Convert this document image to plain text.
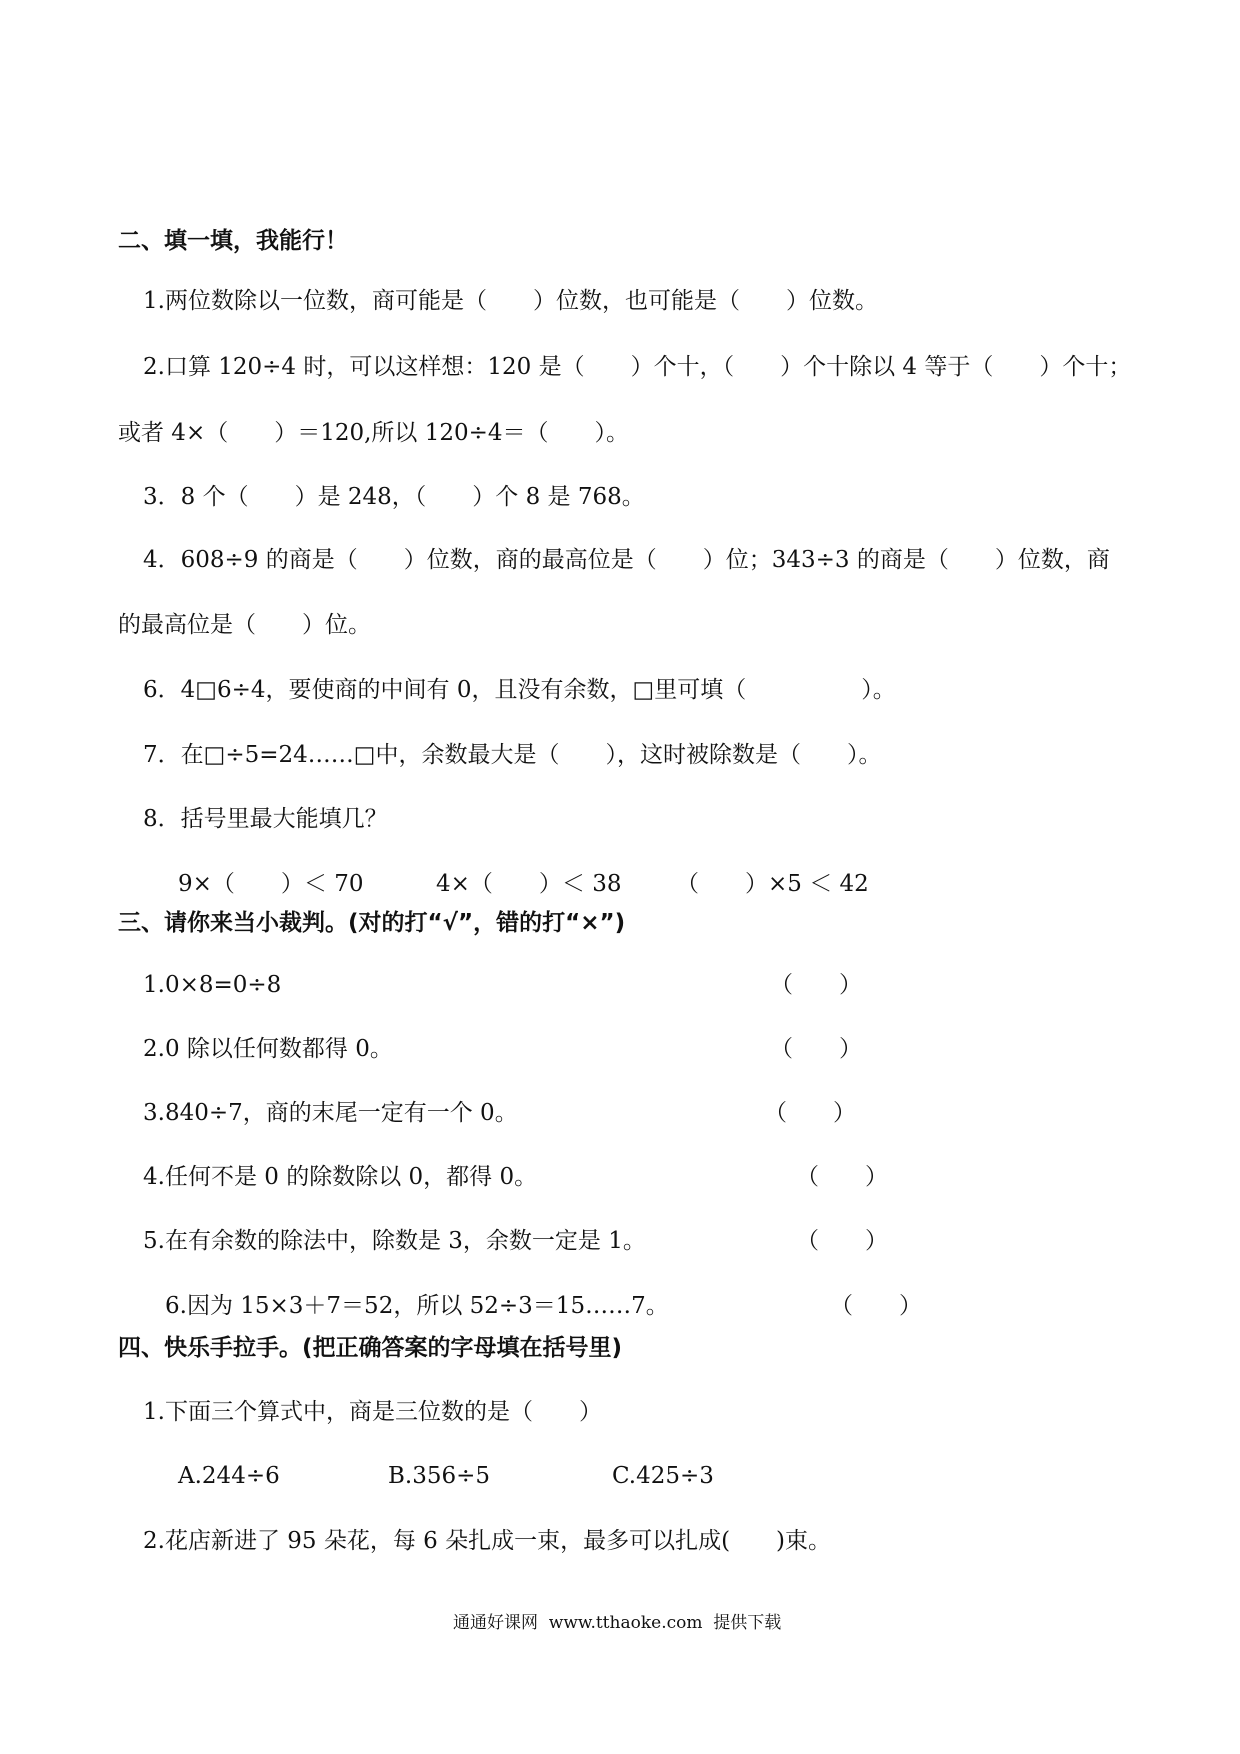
二、填一填，我能行！
1.两位数除以一位数，商可能是（　　）位数，也可能是（　　）位数。
2.口算 120÷4 时，可以这样想：120 是（　　）个十，（　　）个十除以 4 等于（　　）个十；
或者 4×（　　）＝120,所以 120÷4＝（　　）。
3．8 个（　　）是 248，（　　）个 8 是 768。
4．608÷9 的商是（　　）位数，商的最高位是（　　）位；343÷3 的商是（　　）位数，商
的最高位是（　　）位。
6．4□6÷4，要使商的中间有 0，且没有余数，□里可填（　　　　　）。
7．在□÷5=24……□中，余数最大是（　　），这时被除数是（　　）。
8．括号里最大能填几？
9×（　　）＜ 70	4×（　　）＜ 38 （　　）×5 ＜ 42
三、请你来当小裁判。(对的打“√”，错的打“×”)
1.0×8=0÷8	（　　）
2.0 除以任何数都得 0。	（　　）
3.840÷7，商的末尾一定有一个 0。	（　　）
4.任何不是 0 的除数除以 0，都得 0。	（　　）
5.在有余数的除法中，除数是 3，余数一定是 1。	（　　）
6.因为 15×3＋7＝52，所以 52÷3＝15……7。	（　　）
四、快乐手拉手。(把正确答案的字母填在括号里)
1.下面三个算式中，商是三位数的是（　　）
A.244÷6	B.356÷5	C.425÷3
2.花店新进了 95 朵花，每 6 朵扎成一束，最多可以扎成(　　)束。
通通好课网  www.tthaoke.com  提供下载
